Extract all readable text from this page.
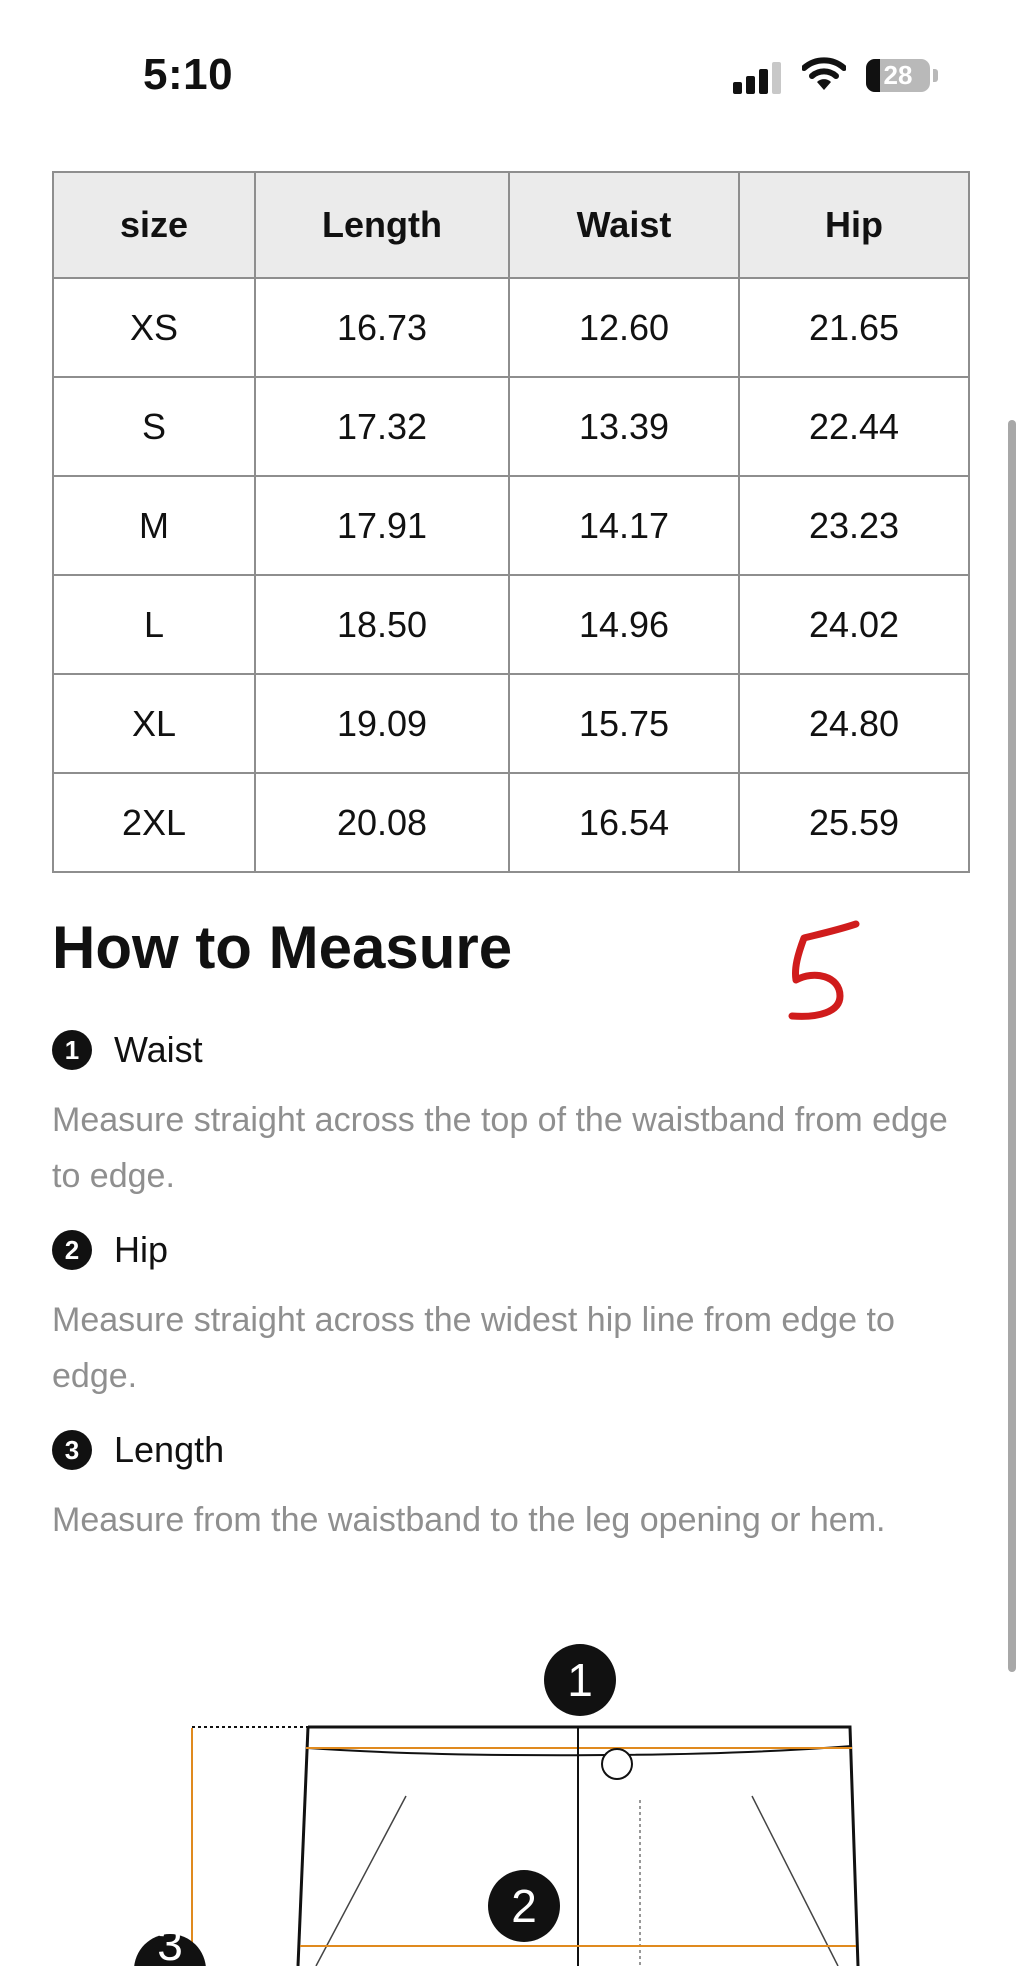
5:10	28
size	Length	Waist	Hip
XS	16.73	12.60	21.65
S	17.32	13.39	22.44
M	17.91	14.17	23.23
L	18.50	14.96	24.02
XL	19.09	15.75	24.80
2XL	20.08	16.54	25.59
How to Measure
1 Waist

Measure straight across the top of the waistband from edge to edge.

2 Hip

Measure straight across the widest hip line from edge to edge.

3 Length

Measure from the waistband to the leg opening or hem.

1
2
3
